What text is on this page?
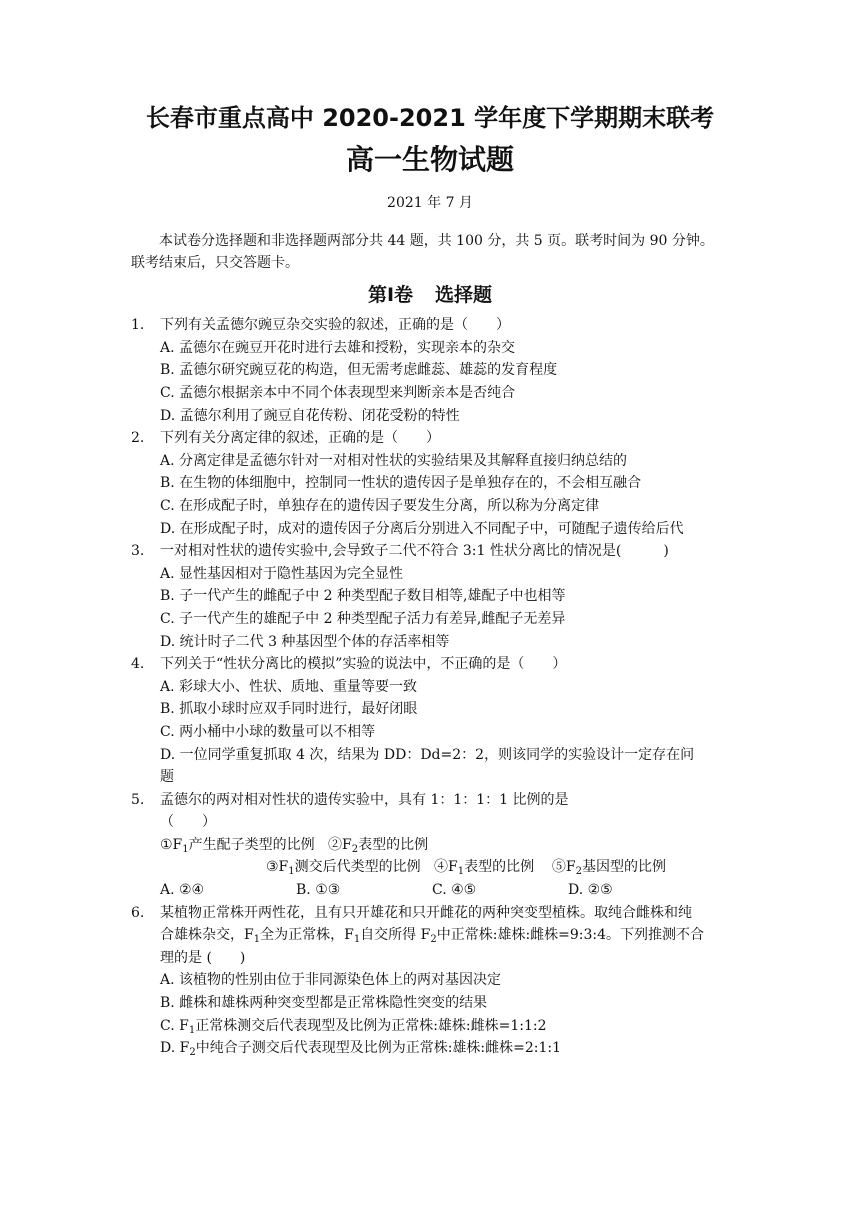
长春市重点高中 2020-2021 学年度下学期期末联考
高一生物试题
2021 年 7 月
本试卷分选择题和非选择题两部分共 44 题，共 100 分，共 5 页。联考时间为 90 分钟。
联考结束后，只交答题卡。
第Ⅰ卷 选择题
1. 下列有关孟德尔豌豆杂交实验的叙述，正确的是（　　）
A. 孟德尔在豌豆开花时进行去雄和授粉，实现亲本的杂交
B. 孟德尔研究豌豆花的构造，但无需考虑雌蕊、雄蕊的发育程度
C. 孟德尔根据亲本中不同个体表现型来判断亲本是否纯合
D. 孟德尔利用了豌豆自花传粉、闭花受粉的特性
2. 下列有关分离定律的叙述，正确的是（　　）
A. 分离定律是孟德尔针对一对相对性状的实验结果及其解释直接归纳总结的
B. 在生物的体细胞中，控制同一性状的遗传因子是单独存在的，不会相互融合
C. 在形成配子时，单独存在的遗传因子要发生分离，所以称为分离定律
D. 在形成配子时，成对的遗传因子分离后分别进入不同配子中，可随配子遗传给后代
3. 一对相对性状的遗传实验中,会导致子二代不符合 3:1 性状分离比的情况是(　　　)
A. 显性基因相对于隐性基因为完全显性
B. 子一代产生的雌配子中 2 种类型配子数目相等,雄配子中也相等
C. 子一代产生的雄配子中 2 种类型配子活力有差异,雌配子无差异
D. 统计时子二代 3 种基因型个体的存活率相等
4. 下列关于“性状分离比的模拟”实验的说法中，不正确的是（　　）
A. 彩球大小、性状、质地、重量等要一致
B. 抓取小球时应双手同时进行，最好闭眼
C. 两小桶中小球的数量可以不相等
D. 一位同学重复抓取 4 次，结果为 DD：Dd=2：2，则该同学的实验设计一定存在问
题
5. 孟德尔的两对相对性状的遗传实验中，具有 1：1：1：1 比例的是
（　　）
$①F_1$产生配子类型的比例 $②F_2$表型的比例
$③F_1$测交后代类型的比例 $④F_1$表型的比例 $⑤F_2$基因型的比例
A. ②④	B. ①③	C. ④⑤	D. ②⑤
6. 某植物正常株开两性花，且有只开雄花和只开雌花的两种突变型植株。取纯合雌株和纯
合雄株杂交，$F_1$全为正常株，$F_1$自交所得 $F_2$中正常株:雄株:雌株=9:3:4。下列推测不合
理的是 (　　)
A. 该植物的性别由位于非同源染色体上的两对基因决定
B. 雌株和雄株两种突变型都是正常株隐性突变的结果
C. $F_1$正常株测交后代表现型及比例为正常株:雄株:雌株=1:1:2
D. $F_2$中纯合子测交后代表现型及比例为正常株:雄株:雌株=2:1:1
